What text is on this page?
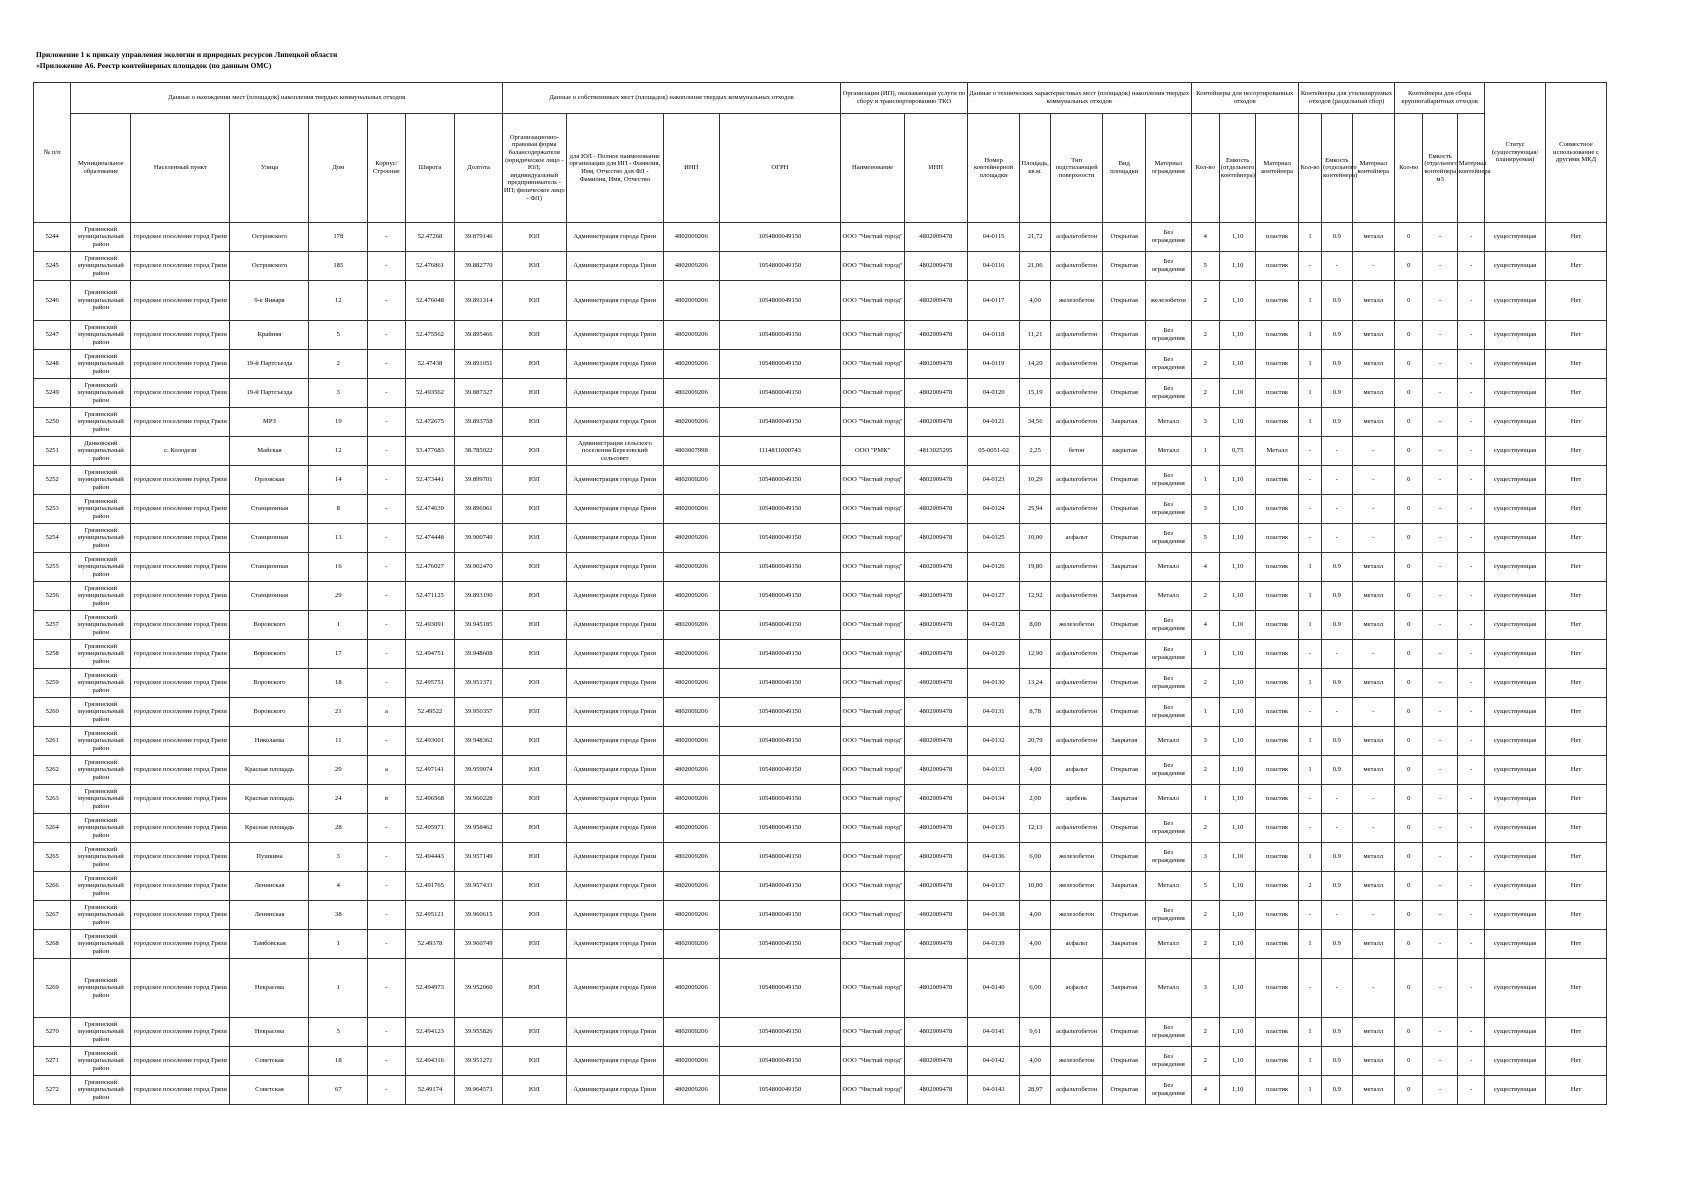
Приложение 1 к приказу управления экологии и природных ресурсов Липецкой области
«Приложение А6. Реестр контейнерных площадок (по данным ОМС)
№ п/п	Данные о нахождении мест (площадок) накопления твердых коммунальных отходов							Данные о собственниках мест (площадок) накопления твердых коммунальных отходов				Организация (ИП), оказывающая услуги по сбору и транспортированию ТКО		Данные о технических характеристиках мест (площадок) накопления твердых коммунальных отходов					Контейнеры для несортированных отходов			Контейнеры для утилизируемых отходов (раздельный сбор)			Контейнеры для сбора крупногабаритных отходов			Статус (существующая/ планируемая)	Совместное использование с другими МКД
	Муниципальное образование	Населенный пункт	Улица	Дом	Корпус/Строение	Широта	Долгота	Организационно-правовая форма балансодержателя (юридическое лицо - ЮЛ; индивидуальный предприниматель - ИП; физическое лицо - ФЛ)	для ЮЛ - Полное наименование организации для ИП - Фамилия, Имя, Отчество для ФЛ - Фамилия, Имя, Отчество	ИНН	ОГРН	Наименование	ИНН	Номер контейнерной площадки	Площадь, кв.м.	Тип подстилающей поверхности	Вид площадки	Материал ограждения	Кол-во	Емкость (отдельного контейнера)	Материал контейнера	Кол-во	Емкость (отдельного контейнера)	Материал контейнера	Кол-во	Емкость (отдельного контейнера) м3	Материал контейнера		
5244	Грязинский муниципальный район	городское поселение город Грязи	Островского	178	-	52.47268	39.879146	ЮЛ	Администрация города Грязи	4802009206	1054800049150	ООО "Чистый город"	4802009478	04-0115	21,72	асфальтобетон	Открытая	Без ограждения	4	1,10	пластик	1	0.9	металл	0	-	-	существующая	Нет
5245	Грязинский муниципальный район	городское поселение город Грязи	Островского	185	-	52.476861	39.882770	ЮЛ	Администрация города Грязи	4802009206	1054800049150	ООО "Чистый город"	4802009478	04-0116	21,06	асфальтобетон	Открытая	Без ограждения	5	1,10	пластик	-	-	-	0	-	-	существующая	Нет
5246	Грязинский муниципальный район	городское поселение город Грязи	9-е Января	12	-	52.476048	39.891314	ЮЛ	Администрация города Грязи	4802009206	1054800049150	ООО "Чистый город"	4802009478	04-0117	4,00	железобетон	Открытая	железобетон	2	1,10	пластик	1	0.9	металл	0	-	-	существующая	Нет
5247	Грязинский муниципальный район	городское поселение город Грязи	Крайняя	5	-	52.475562	39.895466	ЮЛ	Администрация города Грязи	4802009206	1054800049150	ООО "Чистый город"	4802009478	04-0118	11,21	асфальтобетон	Открытая	Без ограждения	2	1,10	пластик	1	0.9	металл	0	-	-	существующая	Нет
5248	Грязинский муниципальный район	городское поселение город Грязи	19-й Партсъезда	2	-	52.47438	39.891051	ЮЛ	Администрация города Грязи	4802009206	1054800049150	ООО "Чистый город"	4802009478	04-0119	14,20	асфальтобетон	Открытая	Без ограждения	2	1,10	пластик	1	0.9	металл	0	-	-	существующая	Нет
5249	Грязинский муниципальный район	городское поселение город Грязи	19-й Партсъезда	3	-	52.493562	39.887327	ЮЛ	Администрация города Грязи	4802009206	1054800049150	ООО "Чистый город"	4802009478	04-0120	15,19	асфальтобетон	Открытая	Без ограждения	2	1,10	пластик	1	0.9	металл	0	-	-	существующая	Нет
5250	Грязинский муниципальный район	городское поселение город Грязи	МРЗ	19	-	52.472675	39.893758	ЮЛ	Администрация города Грязи	4802009206	1054800049150	ООО "Чистый город"	4802009478	04-0121	34,56	асфальтобетон	Закрытая	Металл	3	1,10	пластик	1	0.9	металл	0	-	-	существующая	Нет
5251	Данковский муниципальный район	с. Колодези	Майская	12	-	53.477683	38.785022	ЮЛ	Администрация сельского поселения Березовский сельсовет	4803007998	1114811000743	ООО "РМК"	4813025295	05-0051-02	2,25	бетон	закрытая	Металл	1	0,75	Металл	-	-	-	0	-	-	существующая	Нет
5252	Грязинский муниципальный район	городское поселение город Грязи	Орловская	14	-	52.473441	39.899701	ЮЛ	Администрация города Грязи	4802009206	1054800049150	ООО "Чистый город"	4802009478	04-0123	10,29	асфальтобетон	Открытая	Без ограждения	1	1,10	пластик	-	-	-	0	-	-	существующая	Нет
5253	Грязинский муниципальный район	городское поселение город Грязи	Станционная	8	-	52.474639	39.896961	ЮЛ	Администрация города Грязи	4802009206	1054800049150	ООО "Чистый город"	4802009478	04-0124	25,94	асфальтобетон	Открытая	Без ограждения	3	1,10	пластик	-	-	-	0	-	-	существующая	Нет
5254	Грязинский муниципальный район	городское поселение город Грязи	Станционная	13	-	52.474448	39.900749	ЮЛ	Администрация города Грязи	4802009206	1054800049150	ООО "Чистый город"	4802009478	04-0125	10,00	асфальт	Открытая	Без ограждения	5	1,10	пластик	-	-	-	0	-	-	существующая	Нет
5255	Грязинский муниципальный район	городское поселение город Грязи	Станционная	16	-	52.476027	39.902470	ЮЛ	Администрация города Грязи	4802009206	1054800049150	ООО "Чистый город"	4802009478	04-0126	19,80	асфальтобетон	Закрытая	Металл	4	1,10	пластик	1	0.9	металл	0	-	-	существующая	Нет
5256	Грязинский муниципальный район	городское поселение город Грязи	Станционная	29	-	52.471125	39.893190	ЮЛ	Администрация города Грязи	4802009206	1054800049150	ООО "Чистый город"	4802009478	04-0127	12,92	асфальтобетон	Закрытая	Металл	2	1,10	пластик	1	0.9	металл	0	-	-	существующая	Нет
5257	Грязинский муниципальный район	городское поселение город Грязи	Воровского	1	-	52.493091	39.945185	ЮЛ	Администрация города Грязи	4802009206	1054800049150	ООО "Чистый город"	4802009478	04-0128	8,00	железобетон	Открытая	Без ограждения	4	1,10	пластик	1	0.9	металл	0	-	-	существующая	Нет
5258	Грязинский муниципальный район	городское поселение город Грязи	Воровского	17	-	52.494751	39.948608	ЮЛ	Администрация города Грязи	4802009206	1054800049150	ООО "Чистый город"	4802009478	04-0129	12,90	асфальтобетон	Открытая	Без ограждения	1	1,10	пластик	-	-	-	0	-	-	существующая	Нет
5259	Грязинский муниципальный район	городское поселение город Грязи	Воровского	18	-	52.495751	39.951371	ЮЛ	Администрация города Грязи	4802009206	1054800049150	ООО "Чистый город"	4802009478	04-0130	13,24	асфальтобетон	Открытая	Без ограждения	2	1,10	пластик	1	0.9	металл	0	-	-	существующая	Нет
5260	Грязинский муниципальный район	городское поселение город Грязи	Воровского	21	а	52.49522	39.950357	ЮЛ	Администрация города Грязи	4802009206	1054800049150	ООО "Чистый город"	4802009478	04-0131	8,78	асфальтобетон	Открытая	Без ограждения	1	1,10	пластик	-	-	-	0	-	-	существующая	Нет
5261	Грязинский муниципальный район	городское поселение город Грязи	Николаева	11	-	52.493601	39.948362	ЮЛ	Администрация города Грязи	4802009206	1054800049150	ООО "Чистый город"	4802009478	04-0132	20,79	асфальтобетон	Закрытая	Металл	3	1,10	пластик	1	0.9	металл	0	-	-	существующая	Нет
5262	Грязинский муниципальный район	городское поселение город Грязи	Красная площадь	20	а	52.497141	39.959074	ЮЛ	Администрация города Грязи	4802009206	1054800049150	ООО "Чистый город"	4802009478	04-0133	4,00	асфальт	Открытая	Без ограждения	2	1,10	пластик	1	0.9	металл	0	-	-	существующая	Нет
5263	Грязинский муниципальный район	городское поселение город Грязи	Красная площадь	24	в	52.496568	39.960228	ЮЛ	Администрация города Грязи	4802009206	1054800049150	ООО "Чистый город"	4802009478	04-0134	2,00	щебень	Закрытая	Металл	1	1,10	пластик	-	-	-	0	-	-	существующая	Нет
5264	Грязинский муниципальный район	городское поселение город Грязи	Красная площадь	28	-	52.495971	39.958462	ЮЛ	Администрация города Грязи	4802009206	1054800049150	ООО "Чистый город"	4802009478	04-0135	12,13	асфальтобетон	Открытая	Без ограждения	2	1,10	пластик	-	-	-	0	-	-	существующая	Нет
5265	Грязинский муниципальный район	городское поселение город Грязи	Пушкина	3	-	52.494443	39.957149	ЮЛ	Администрация города Грязи	4802009206	1054800049150	ООО "Чистый город"	4802009478	04-0136	6,00	железобетон	Открытая	Без ограждения	3	1,10	пластик	1	0.9	металл	0	-	-	существующая	Нет
5266	Грязинский муниципальный район	городское поселение город Грязи	Ленинская	4	-	52.491765	39.957433	ЮЛ	Администрация города Грязи	4802009206	1054800049150	ООО "Чистый город"	4802009478	04-0137	10,00	железобетон	Закрытая	Металл	5	1,10	пластик	2	0.9	металл	0	-	-	существующая	Нет
5267	Грязинский муниципальный район	городское поселение город Грязи	Ленинская	38	-	52.495121	39.960615	ЮЛ	Администрация города Грязи	4802009206	1054800049150	ООО "Чистый город"	4802009478	04-0138	4,00	железобетон	Открытая	Без ограждения	2	1,10	пластик	-	-	-	0	-	-	существующая	Нет
5268	Грязинский муниципальный район	городское поселение город Грязи	Тамбовская	1	-	52.49378	39.960749	ЮЛ	Администрация города Грязи	4802009206	1054800049150	ООО "Чистый город"	4802009478	04-0139	4,00	асфальт	Закрытая	Металл	2	1,10	пластик	1	0.9	металл	0	-	-	существующая	Нет
5269	Грязинский муниципальный район	городское поселение город Грязи	Некрасова	1	-	52.494973	39.952060	ЮЛ	Администрация города Грязи	4802009206	1054800049150	ООО "Чистый город"	4802009478	04-0140	6,00	асфальт	Закрытая	Металл	3	1,10	пластик	-	-	-	0	-	-	существующая	Нет
5270	Грязинский муниципальный район	городское поселение город Грязи	Некрасова	5	-	52.494123	39.955826	ЮЛ	Администрация города Грязи	4802009206	1054800049150	ООО "Чистый город"	4802009478	04-0141	9,61	асфальтобетон	Открытая	Без ограждения	2	1,10	пластик	1	0.9	металл	0	-	-	существующая	Нет
5271	Грязинский муниципальный район	городское поселение город Грязи	Советская	18	-	52.494316	39.951271	ЮЛ	Администрация города Грязи	4802009206	1054800049150	ООО "Чистый город"	4802009478	04-0142	4,00	железобетон	Открытая	Без ограждения	2	1,10	пластик	1	0.9	металл	0	-	-	существующая	Нет
5272	Грязинский муниципальный район	городское поселение город Грязи	Советская	67	-	52.49174	39.964573	ЮЛ	Администрация города Грязи	4802009206	1054800049150	ООО "Чистый город"	4802009478	04-0143	28,97	асфальтобетон	Открытая	Без ограждения	4	1,10	пластик	1	0.9	металл	0	-	-	существующая	Нет
